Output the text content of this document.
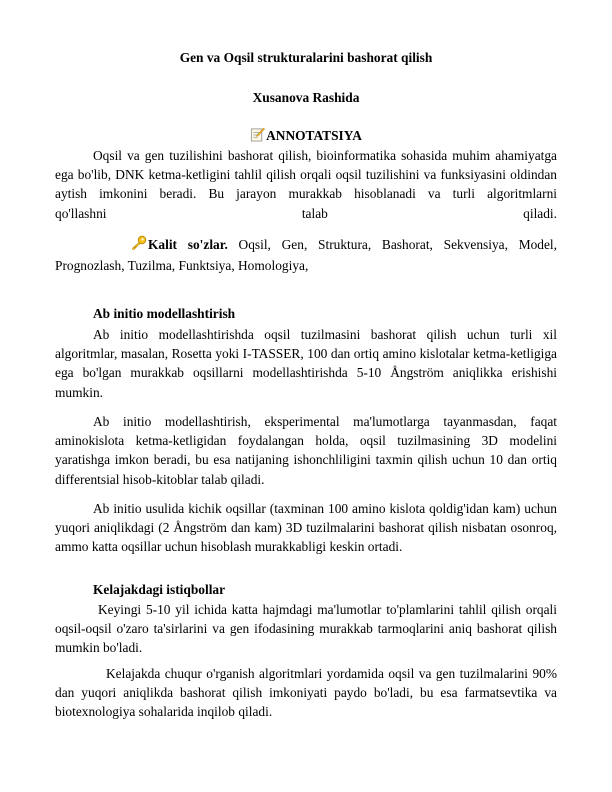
Gen va Oqsil strukturalarini bashorat qilish
Xusanova Rashida
ANNOTATSIYA
Oqsil va gen tuzilishini bashorat qilish, bioinformatika sohasida muhim ahamiyatga ega bo'lib, DNK ketma-ketligini tahlil qilish orqali oqsil tuzilishini va funksiyasini oldindan aytish imkonini beradi. Bu jarayon murakkab hisoblanadi va turli algoritmlarni
qo'llashni talab qiladi.
Kalit so'zlar. Oqsil, Gen, Struktura, Bashorat, Sekvensiya, Model, Prognozlash, Tuzilma, Funktsiya, Homologiya,
Ab initio modellashtirish
Ab initio modellashtirishda oqsil tuzilmasini bashorat qilish uchun turli xil algoritmlar, masalan, Rosetta yoki I-TASSER, 100 dan ortiq amino kislotalar ketma-ketligiga ega bo'lgan murakkab oqsillarni modellashtirishda 5-10 Ångström aniqlikka erishishi mumkin.
Ab initio modellashtirish, eksperimental ma'lumotlarga tayanmasdan, faqat aminokislota ketma-ketligidan foydalangan holda, oqsil tuzilmasining 3D modelini yaratishga imkon beradi, bu esa natijaning ishonchliligini taxmin qilish uchun 10 dan ortiq differentsial hisob-kitoblar talab qiladi.
Ab initio usulida kichik oqsillar (taxminan 100 amino kislota qoldig'idan kam) uchun yuqori aniqlikdagi (2 Ångström dan kam) 3D tuzilmalarini bashorat qilish nisbatan osonroq, ammo katta oqsillar uchun hisoblash murakkabligi keskin ortadi.
Kelajakdagi istiqbollar
Keyingi 5-10 yil ichida katta hajmdagi ma'lumotlar to'plamlarini tahlil qilish orqali oqsil-oqsil o'zaro ta'sirlarini va gen ifodasining murakkab tarmoqlarini aniq bashorat qilish mumkin bo'ladi.
Kelajakda chuqur o'rganish algoritmlari yordamida oqsil va gen tuzilmalarini 90% dan yuqori aniqlikda bashorat qilish imkoniyati paydo bo'ladi, bu esa farmatsevtika va biotexnologiya sohalarida inqilob qiladi.
